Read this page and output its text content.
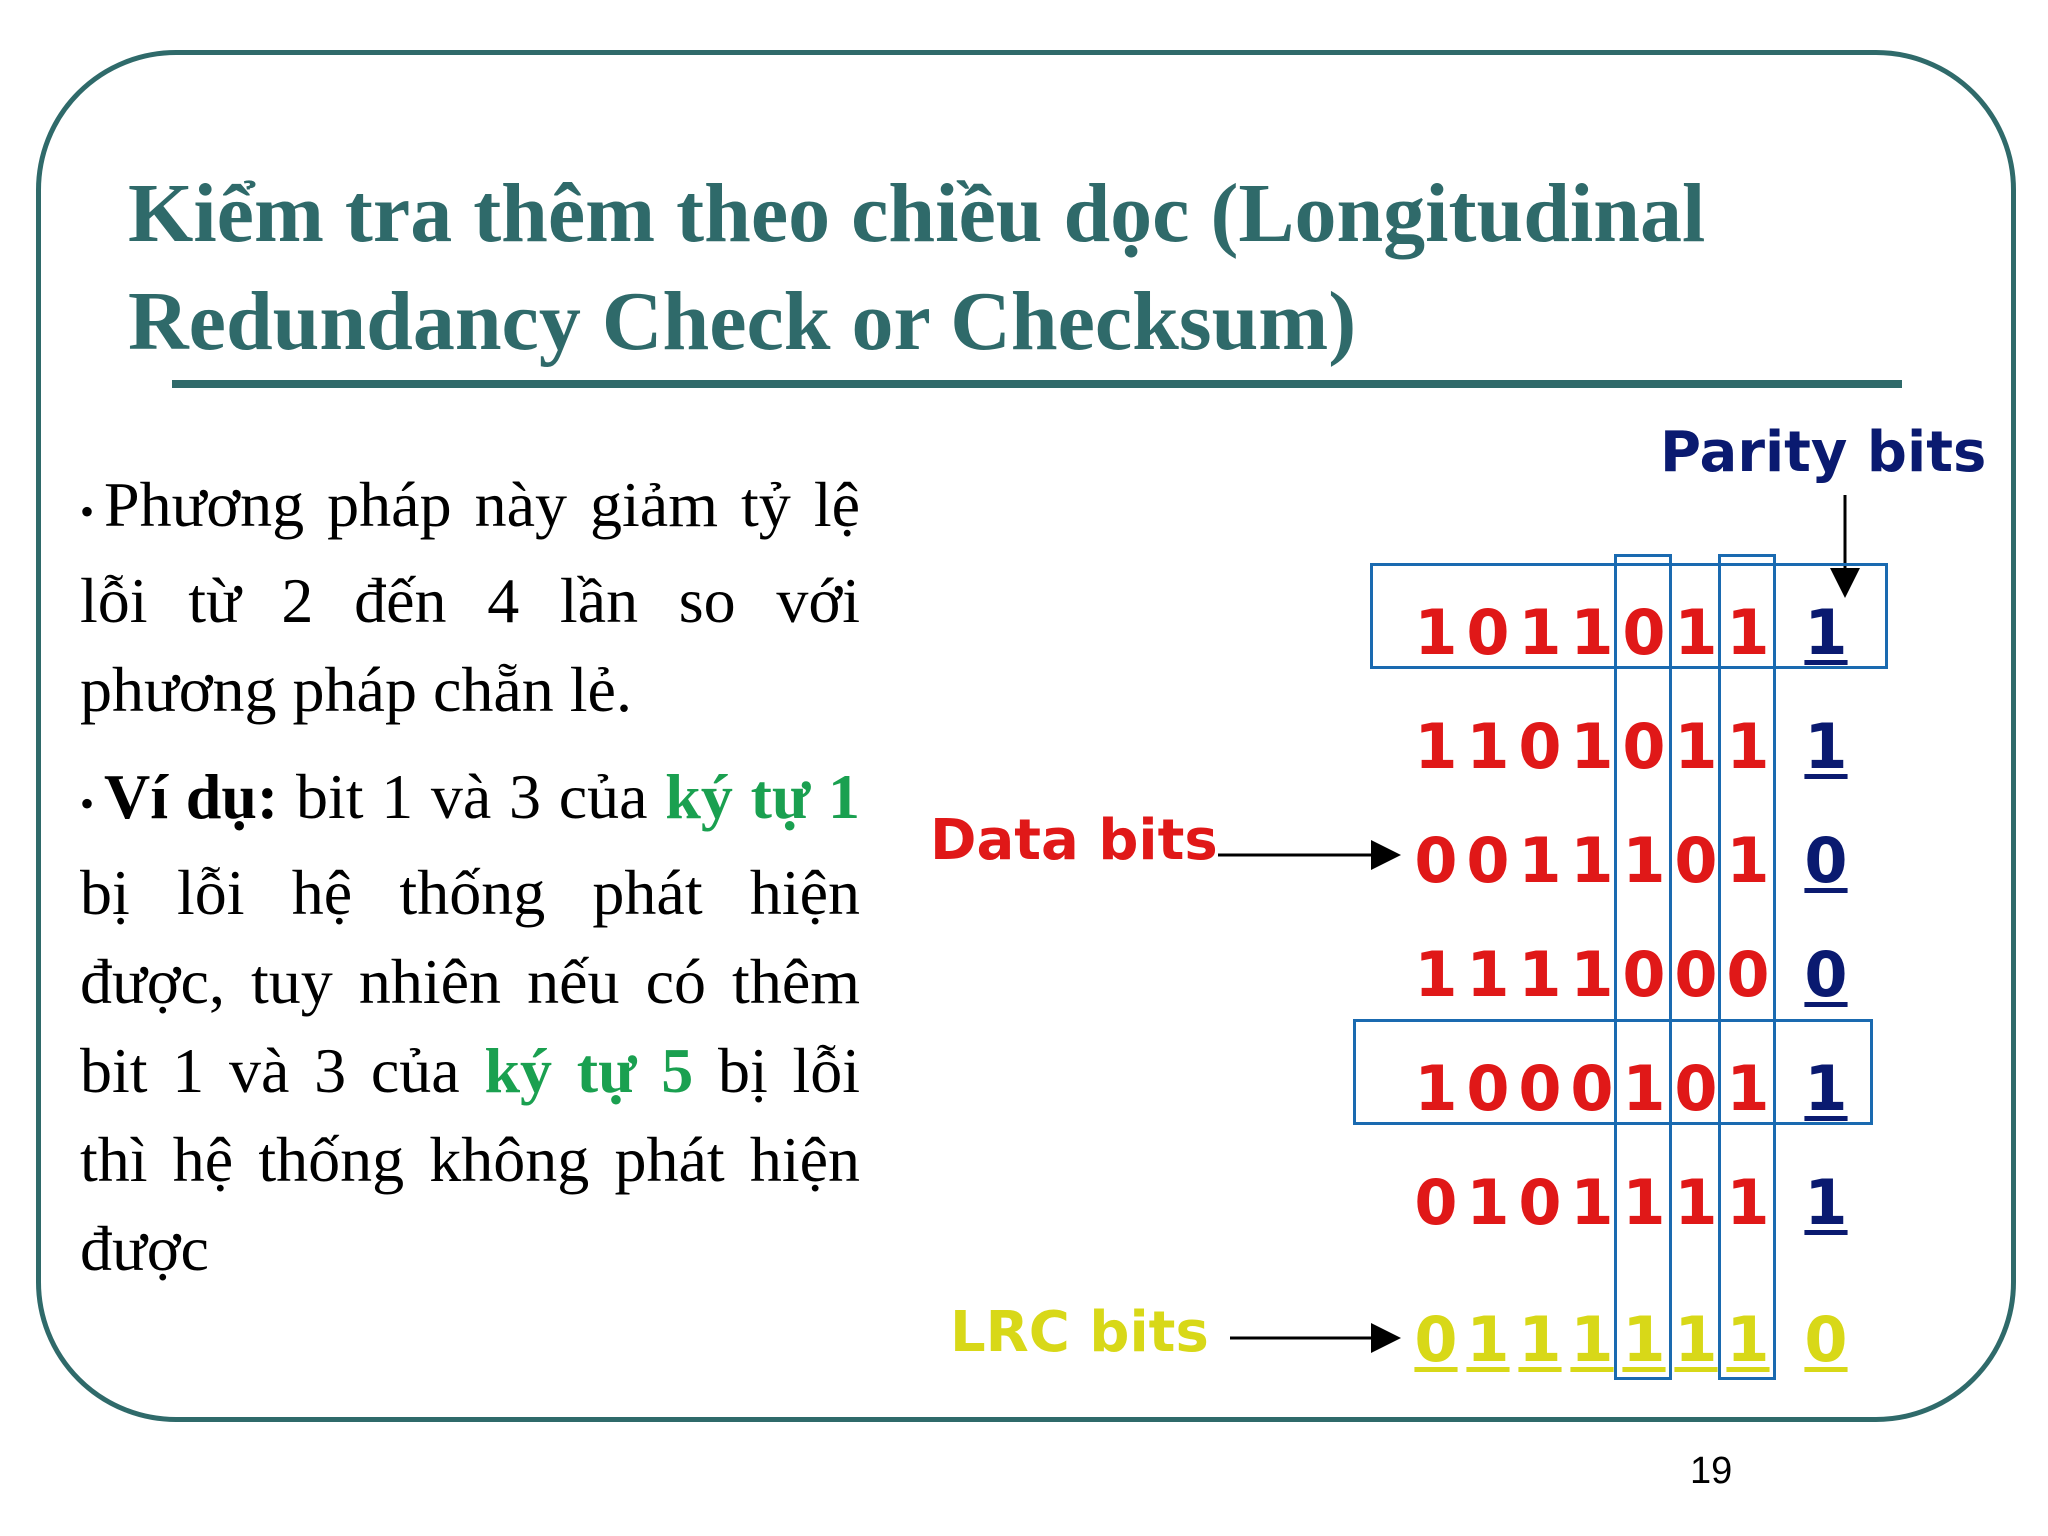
Kiểm tra thêm theo chiều dọc (Longitudinal Redundancy Check or Checksum)

• Phương pháp này giảm tỷ lệ lỗi từ 2 đến 4 lần so với phương pháp chẵn lẻ.

• Ví dụ: bit 1 và 3 của ký tự 1 bị lỗi hệ thống phát hiện được, tuy nhiên nếu có thêm bit 1 và 3 của ký tự 5 bị lỗi thì hệ thống không phát hiện được

Parity bits
Data bits
LRC bits
1 0 1 1 0 1 1 1
1 1 0 1 0 1 1 1
0 0 1 1 1 0 1 0
1 1 1 1 0 0 0 0
1 0 0 0 1 0 1 1
0 1 0 1 1 1 1 1
0 1 1 1 1 1 1 0
19
